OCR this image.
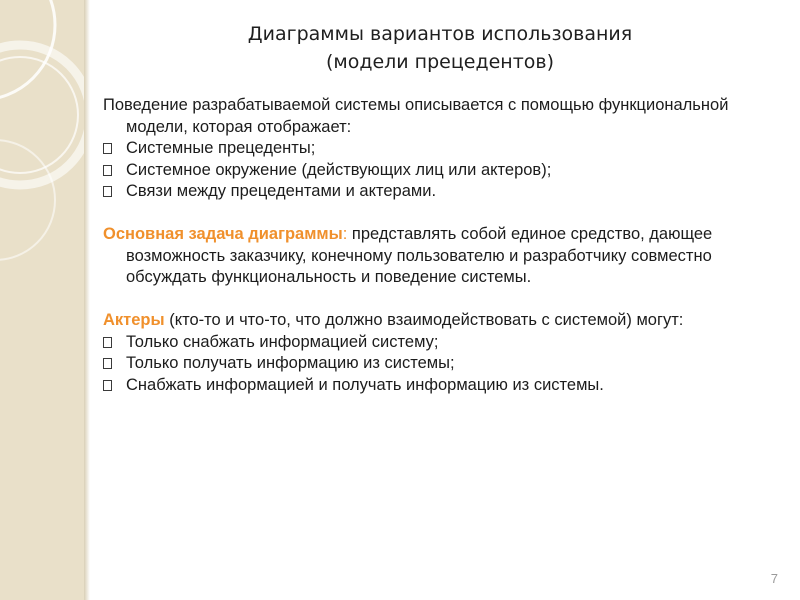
Диаграммы вариантов использования
(модели прецедентов)

Поведение разрабатываемой системы описывается с помощью функциональной модели, которая отображает:

Системные прецеденты;
Системное окружение (действующих лиц или актеров);
Связи между прецедентами и актерами.

Основная задача диаграммы: представлять собой единое средство, дающее возможность заказчику, конечному пользователю и разработчику совместно обсуждать функциональность и поведение системы.

Актеры (кто-то и что-то, что должно взаимодействовать с системой) могут:

Только снабжать информацией систему;
Только получать информацию из системы;
Снабжать информацией и получать информацию из системы.
7
